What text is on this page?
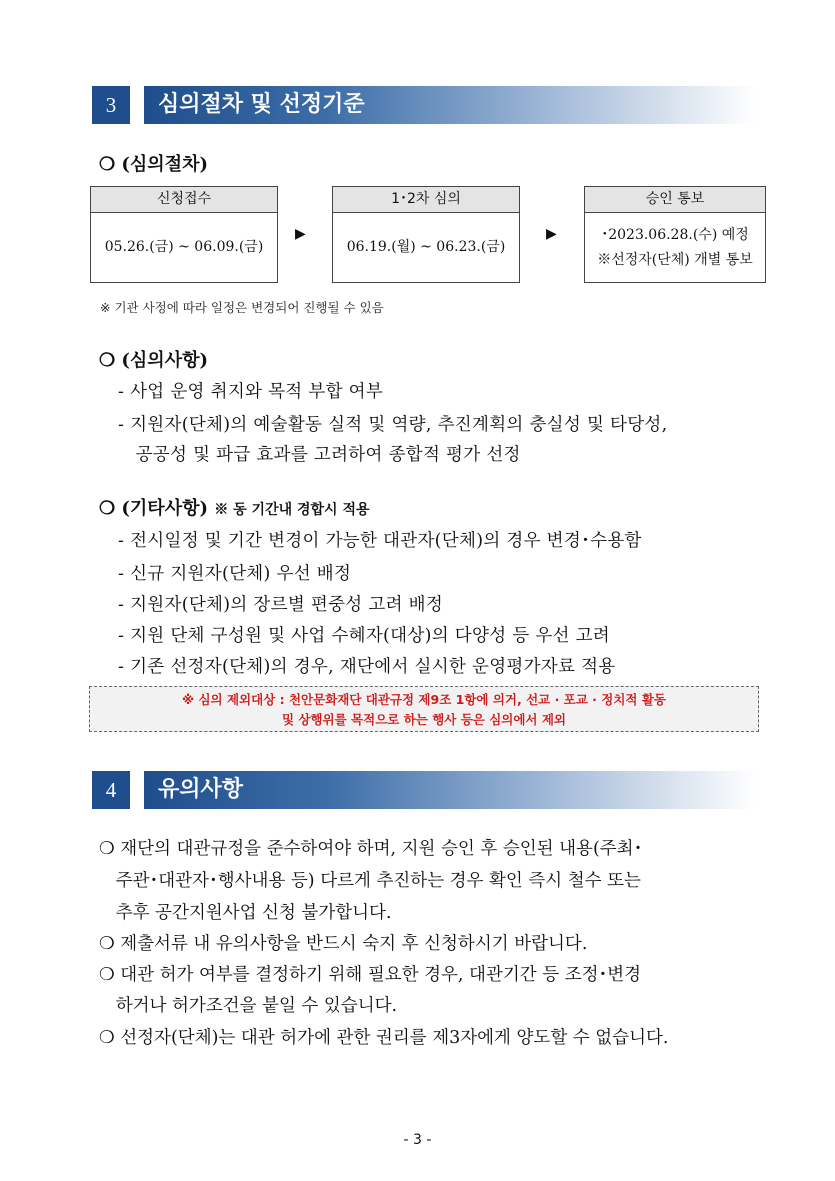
3	심의절차 및 선정기준
❍ (심의절차)
신청접수
05.26.(금) ~ 06.09.(금)
▶
1･2차 심의
06.19.(월) ~ 06.23.(금)
▶
승인 통보
･2023.06.28.(수) 예정
※선정자(단체) 개별 통보
※ 기관 사정에 따라 일정은 변경되어 진행될 수 있음
❍ (심의사항)
- 사업 운영 취지와 목적 부합 여부
- 지원자(단체)의 예술활동 실적 및 역량, 추진계획의 충실성 및 타당성,
공공성 및 파급 효과를 고려하여 종합적 평가 선정
❍ (기타사항) ※ 동 기간내 경합시 적용
- 전시일정 및 기간 변경이 가능한 대관자(단체)의 경우 변경･수용함
- 신규 지원자(단체) 우선 배정
- 지원자(단체)의 장르별 편중성 고려 배정
- 지원 단체 구성원 및 사업 수혜자(대상)의 다양성 등 우선 고려
- 기존 선정자(단체)의 경우, 재단에서 실시한 운영평가자료 적용
※ 심의 제외대상 : 천안문화재단 대관규정 제9조 1항에 의거, 선교 · 포교 · 정치적 활동
및 상행위를 목적으로 하는 행사 등은 심의에서 제외
4	유의사항
❍ 재단의 대관규정을 준수하여야 하며, 지원 승인 후 승인된 내용(주최･
주관･대관자･행사내용 등) 다르게 추진하는 경우 확인 즉시 철수 또는
추후 공간지원사업 신청 불가합니다.
❍ 제출서류 내 유의사항을 반드시 숙지 후 신청하시기 바랍니다.
❍ 대관 허가 여부를 결정하기 위해 필요한 경우, 대관기간 등 조정･변경
하거나 허가조건을 붙일 수 있습니다.
❍ 선정자(단체)는 대관 허가에 관한 권리를 제3자에게 양도할 수 없습니다.
- 3 -
